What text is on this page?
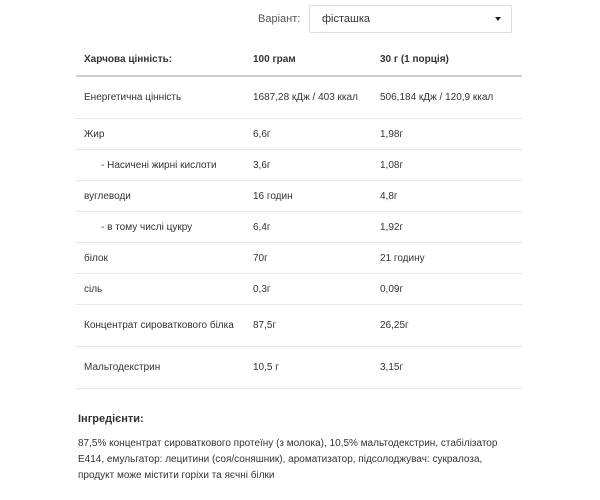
Варіант: фісташка
Харчова цінність:	100 грам	30 г (1 порція)
Енергетична цінність	1687,28 кДж / 403 ккал	506,184 кДж / 120,9 ккал
Жир	6,6г	1,98г
- Насичені жирні кислоти	3,6г	1,08г
вуглеводи	16 годин	4,8г
- в тому числі цукру	6,4г	1,92г
білок	70г	21 годину
сіль	0,3г	0,09г
Концентрат сироваткового білка	87,5г	26,25г
Мальтодекстрин	10,5 г	3,15г
Інгредієнти:
87,5% концентрат сироваткового протеїну (з молока), 10,5% мальтодекстрин, стабілізатор E414, емульгатор: лецитини (соя/соняшник), ароматизатор, підсолоджувач: сукралоза, продукт може містити горіхи та яєчні білки
